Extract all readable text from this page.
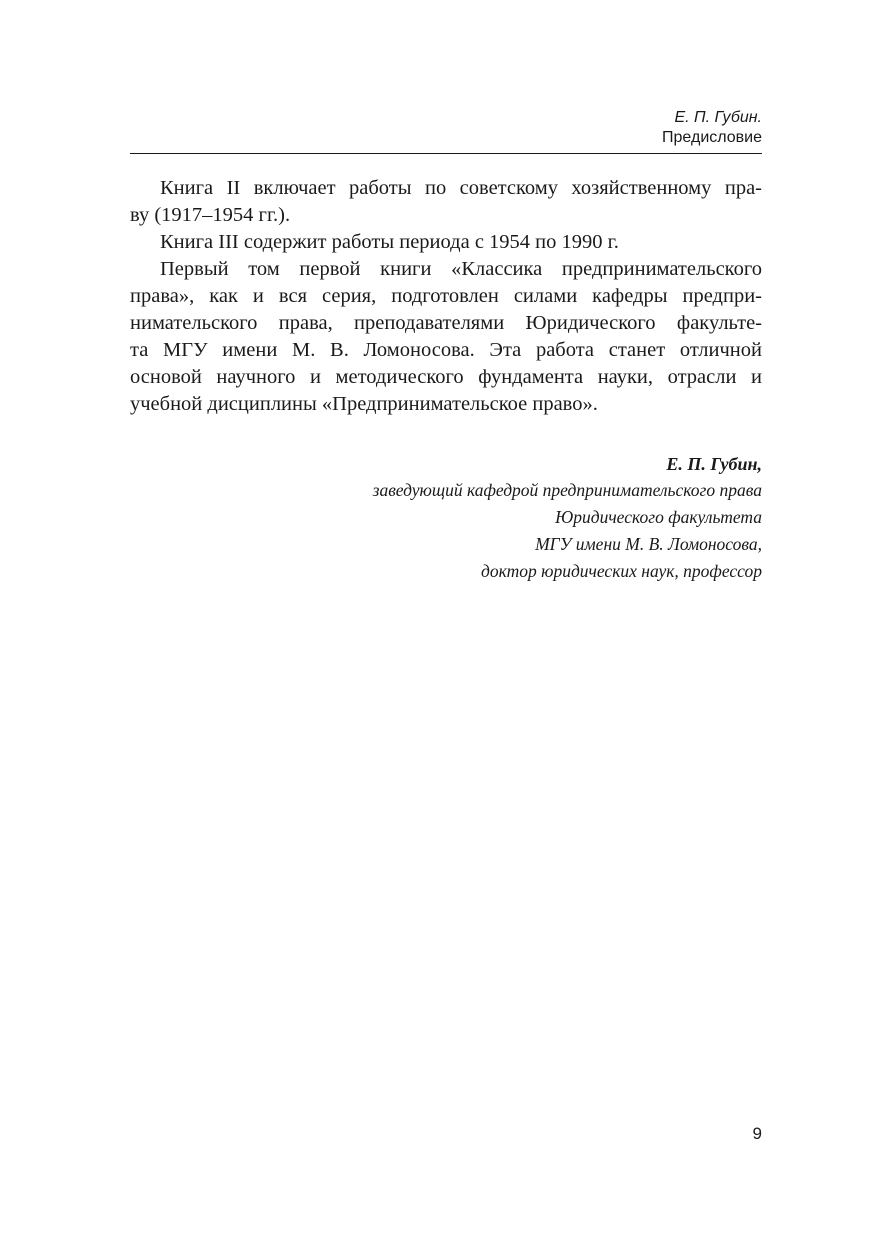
Е. П. Губин.
Предисловие
Книга II включает работы по советскому хозяйственному пра-
ву (1917–1954 гг.).
Книга III содержит работы периода с 1954 по 1990 г.
Первый том первой книги «Классика предпринимательского
права», как и вся серия, подготовлен силами кафедры предпри-
нимательского права, преподавателями Юридического факульте-
та МГУ имени М. В. Ломоносова. Эта работа станет отличной
основой научного и методического фундамента науки, отрасли и
учебной дисциплины «Предпринимательское право».
Е. П. Губин,
заведующий кафедрой предпринимательского права
Юридического факультета
МГУ имени М. В. Ломоносова,
доктор юридических наук, профессор
9
